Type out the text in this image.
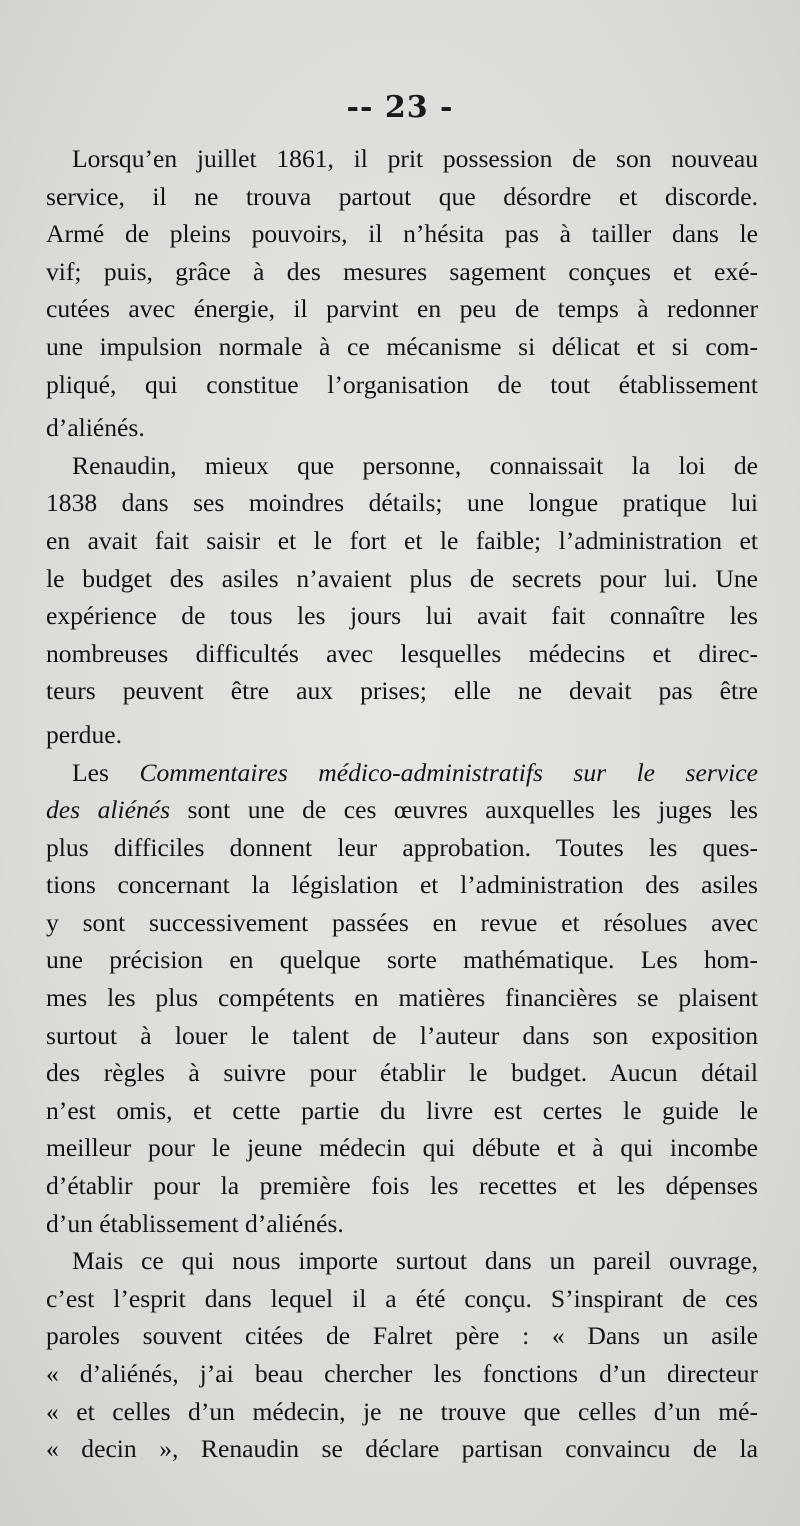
-- 23 -
Lorsqu’en juillet 1861, il prit possession de son nouveau
service, il ne trouva partout que désordre et discorde.
Armé de pleins pouvoirs, il n’hésita pas à tailler dans le
vif; puis, grâce à des mesures sagement conçues et exé-
cutées avec énergie, il parvint en peu de temps à redonner
une impulsion normale à ce mécanisme si délicat et si com-
pliqué, qui constitue l’organisation de tout établissement
d’aliénés.
Renaudin, mieux que personne, connaissait la loi de
1838 dans ses moindres détails; une longue pratique lui
en avait fait saisir et le fort et le faible; l’administration et
le budget des asiles n’avaient plus de secrets pour lui. Une
expérience de tous les jours lui avait fait connaître les
nombreuses difficultés avec lesquelles médecins et direc-
teurs peuvent être aux prises; elle ne devait pas être
perdue.
Les Commentaires médico-administratifs sur le service
des aliénés sont une de ces œuvres auxquelles les juges les
plus difficiles donnent leur approbation. Toutes les ques-
tions concernant la législation et l’administration des asiles
y sont successivement passées en revue et résolues avec
une précision en quelque sorte mathématique. Les hom-
mes les plus compétents en matières financières se plaisent
surtout à louer le talent de l’auteur dans son exposition
des règles à suivre pour établir le budget. Aucun détail
n’est omis, et cette partie du livre est certes le guide le
meilleur pour le jeune médecin qui débute et à qui incombe
d’établir pour la première fois les recettes et les dépenses
d’un établissement d’aliénés.
Mais ce qui nous importe surtout dans un pareil ouvrage,
c’est l’esprit dans lequel il a été conçu. S’inspirant de ces
paroles souvent citées de Falret père : « Dans un asile
« d’aliénés, j’ai beau chercher les fonctions d’un directeur
« et celles d’un médecin, je ne trouve que celles d’un mé-
« decin », Renaudin se déclare partisan convaincu de la
